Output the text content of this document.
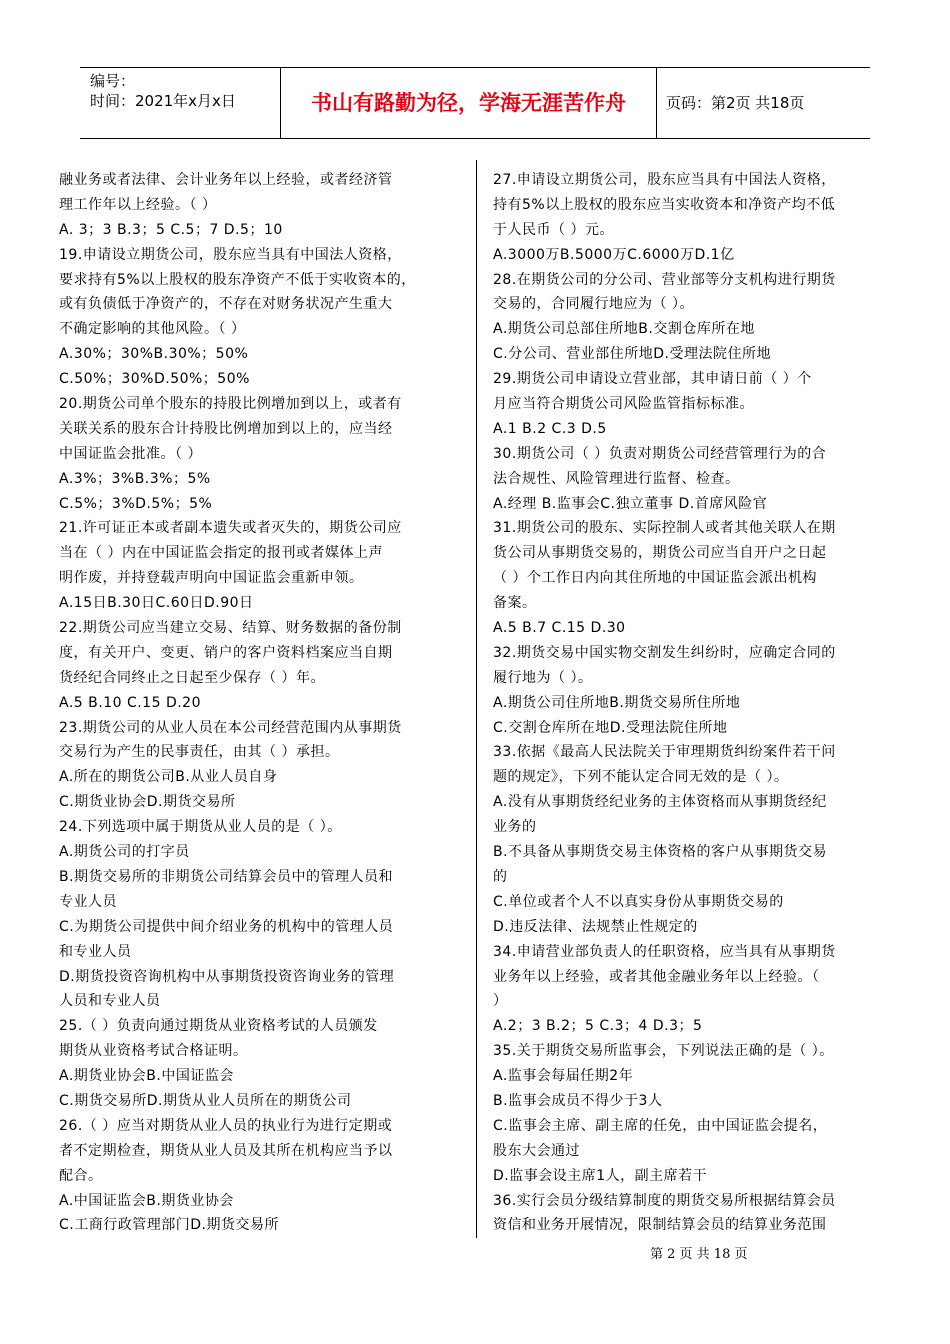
编号：
时间：2021年x月x日	书山有路勤为径，学海无涯苦作舟	页码：第2页 共18页
融业务或者法律、会计业务年以上经验，或者经济管
理工作年以上经验。（ ）
A. 3；3 B.3；5 C.5；7 D.5；10
19.申请设立期货公司，股东应当具有中国法人资格，
要求持有5%以上股权的股东净资产不低于实收资本的，
或有负债低于净资产的，不存在对财务状况产生重大
不确定影响的其他风险。（ ）
A.30%；30%B.30%；50%
C.50%；30%D.50%；50%
20.期货公司单个股东的持股比例增加到以上，或者有
关联关系的股东合计持股比例增加到以上的，应当经
中国证监会批准。（ ）
A.3%；3%B.3%；5%
C.5%；3%D.5%；5%
21.许可证正本或者副本遗失或者灭失的，期货公司应
当在（ ）内在中国证监会指定的报刊或者媒体上声
明作废，并持登载声明向中国证监会重新申领。
A.15日B.30日C.60日D.90日
22.期货公司应当建立交易、结算、财务数据的备份制
度，有关开户、变更、销户的客户资料档案应当自期
货经纪合同终止之日起至少保存（ ）年。
A.5 B.10 C.15 D.20
23.期货公司的从业人员在本公司经营范围内从事期货
交易行为产生的民事责任，由其（ ）承担。
A.所在的期货公司B.从业人员自身
C.期货业协会D.期货交易所
24.下列选项中属于期货从业人员的是（ ）。
A.期货公司的打字员
B.期货交易所的非期货公司结算会员中的管理人员和
专业人员
C.为期货公司提供中间介绍业务的机构中的管理人员
和专业人员
D.期货投资咨询机构中从事期货投资咨询业务的管理
人员和专业人员
25.（ ）负责向通过期货从业资格考试的人员颁发
期货从业资格考试合格证明。
A.期货业协会B.中国证监会
C.期货交易所D.期货从业人员所在的期货公司
26.（ ）应当对期货从业人员的执业行为进行定期或
者不定期检查，期货从业人员及其所在机构应当予以
配合。
A.中国证监会B.期货业协会
C.工商行政管理部门D.期货交易所
27.申请设立期货公司，股东应当具有中国法人资格，
持有5%以上股权的股东应当实收资本和净资产均不低
于人民币（ ）元。
A.3000万B.5000万C.6000万D.1亿
28.在期货公司的分公司、营业部等分支机构进行期货
交易的，合同履行地应为（ ）。
A.期货公司总部住所地B.交割仓库所在地
C.分公司、营业部住所地D.受理法院住所地
29.期货公司申请设立营业部，其申请日前（ ）个
月应当符合期货公司风险监管指标标准。
A.1 B.2 C.3 D.5
30.期货公司（ ）负责对期货公司经营管理行为的合
法合规性、风险管理进行监督、检查。
A.经理 B.监事会C.独立董事 D.首席风险官
31.期货公司的股东、实际控制人或者其他关联人在期
货公司从事期货交易的，期货公司应当自开户之日起
（ ）个工作日内向其住所地的中国证监会派出机构
备案。
A.5 B.7 C.15 D.30
32.期货交易中国实物交割发生纠纷时，应确定合同的
履行地为（ ）。
A.期货公司住所地B.期货交易所住所地
C.交割仓库所在地D.受理法院住所地
33.依据《最高人民法院关于审理期货纠纷案件若干问
题的规定》，下列不能认定合同无效的是（ ）。
A.没有从事期货经纪业务的主体资格而从事期货经纪
业务的
B.不具备从事期货交易主体资格的客户从事期货交易
的
C.单位或者个人不以真实身份从事期货交易的
D.违反法律、法规禁止性规定的
34.申请营业部负责人的任职资格，应当具有从事期货
业务年以上经验，或者其他金融业务年以上经验。（
）
A.2；3 B.2；5 C.3；4 D.3；5
35.关于期货交易所监事会，下列说法正确的是（ ）。
A.监事会每届任期2年
B.监事会成员不得少于3人
C.监事会主席、副主席的任免，由中国证监会提名，
股东大会通过
D.监事会设主席1人，副主席若干
36.实行会员分级结算制度的期货交易所根据结算会员
资信和业务开展情况，限制结算会员的结算业务范围
第 2 页 共 18 页
